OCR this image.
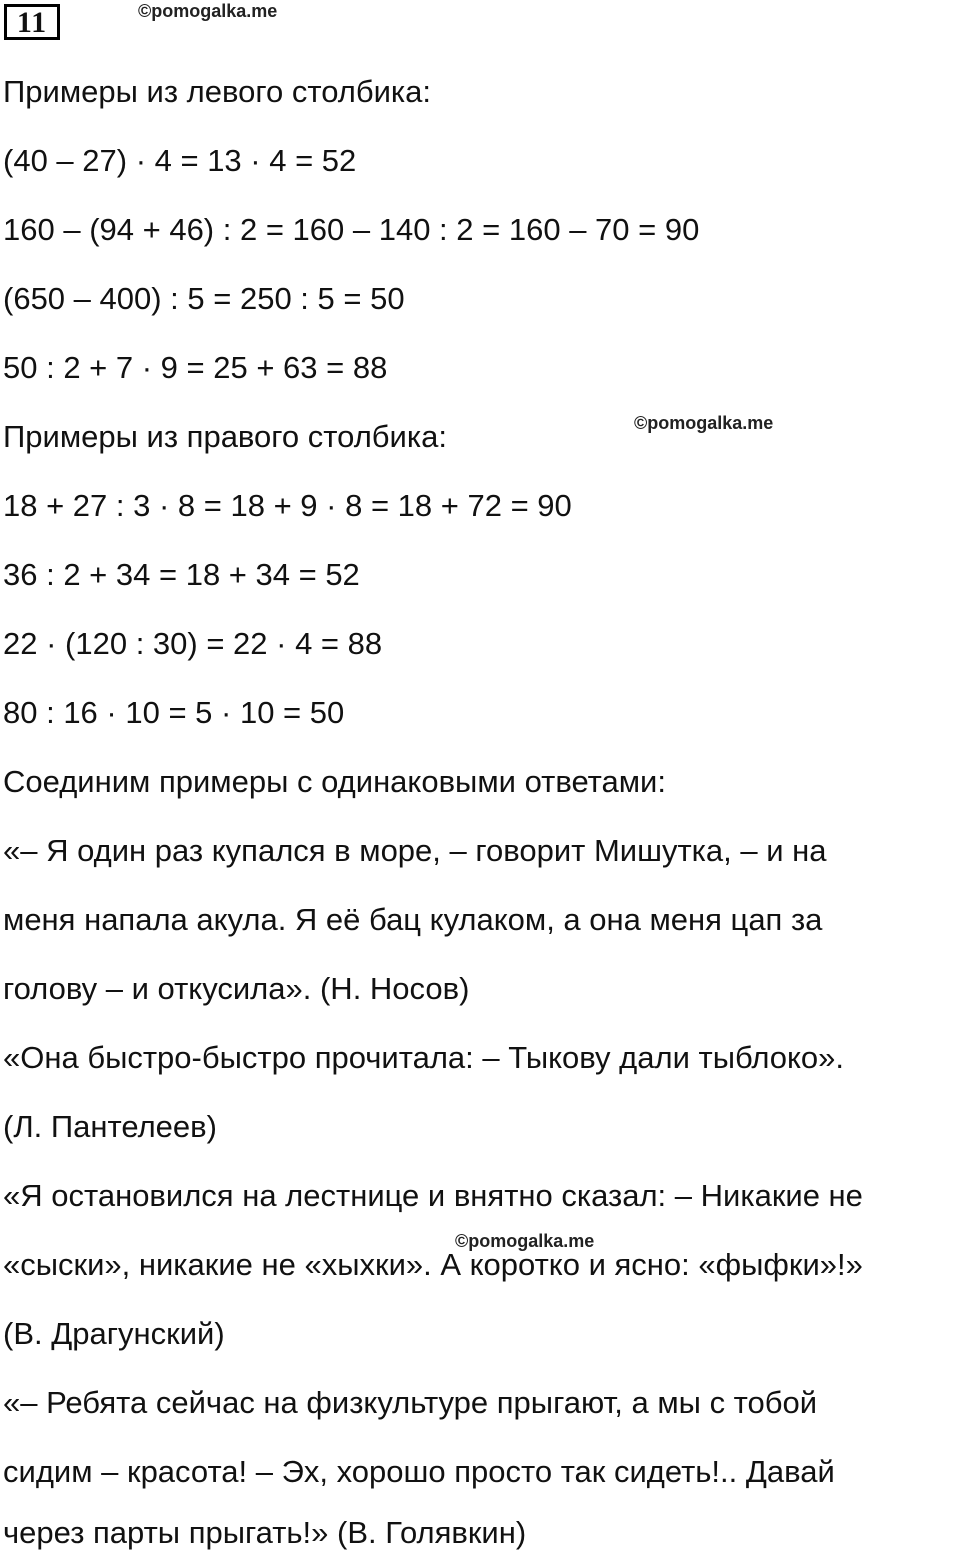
11	©pomogalka.me
©pomogalka.me
©pomogalka.me
Примеры из левого столбика:
(40 – 27) · 4 = 13 · 4 = 52
160 – (94 + 46) : 2 = 160 – 140 : 2 = 160 – 70 = 90
(650 – 400) : 5 = 250 : 5 = 50
50 : 2 + 7 · 9 = 25 + 63 = 88
Примеры из правого столбика:
18 + 27 : 3 · 8 = 18 + 9 · 8 = 18 + 72 = 90
36 : 2 + 34 = 18 + 34 = 52
22 · (120 : 30) = 22 · 4 = 88
80 : 16 · 10 = 5 · 10 = 50
Соединим примеры с одинаковыми ответами:
«– Я один раз купался в море, – говорит Мишутка, – и на
меня напала акула. Я её бац кулаком, а она меня цап за
голову – и откусила». (Н. Носов)
«Она быстро-быстро прочитала: – Тыкову дали тыблоко».
(Л. Пантелеев)
«Я остановился на лестнице и внятно сказал: – Никакие не
«сыски», никакие не «хыхки». А коротко и ясно: «фыфки»!»
(В. Драгунский)
«– Ребята сейчас на физкультуре прыгают, а мы с тобой
сидим – красота! – Эх, хорошо просто так сидеть!.. Давай
через парты прыгать!» (В. Голявкин)
